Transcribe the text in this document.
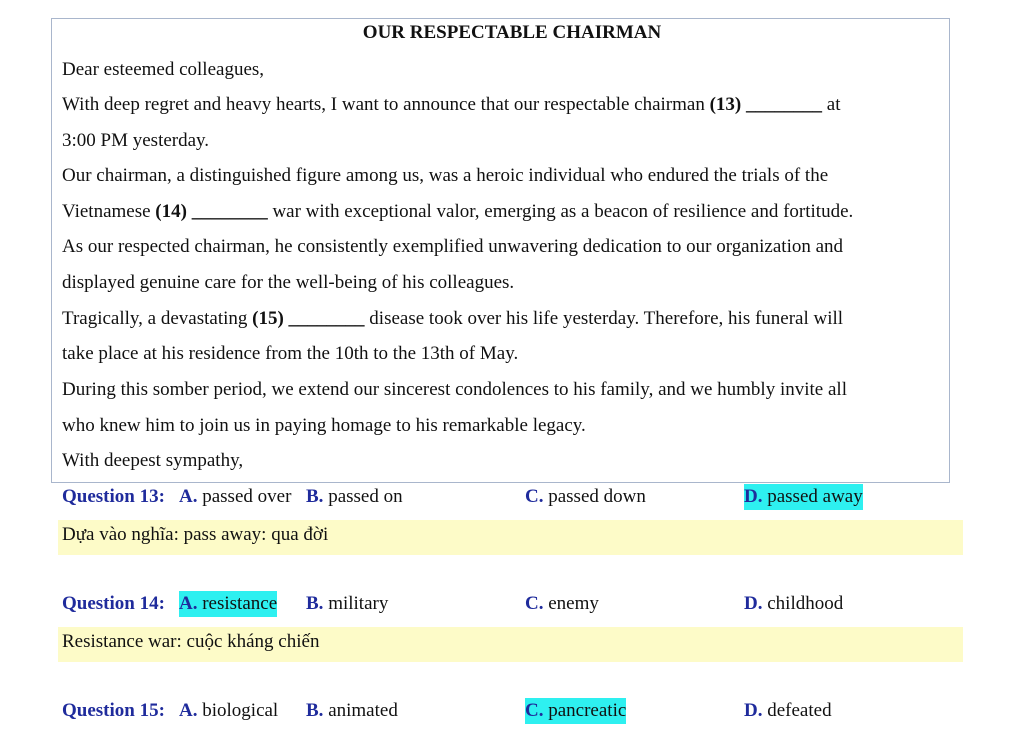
OUR RESPECTABLE CHAIRMAN
Dear esteemed colleagues,
With deep regret and heavy hearts, I want to announce that our respectable chairman (13) ________ at
3:00 PM yesterday.
Our chairman, a distinguished figure among us, was a heroic individual who endured the trials of the
Vietnamese (14) ________ war with exceptional valor, emerging as a beacon of resilience and fortitude.
As our respected chairman, he consistently exemplified unwavering dedication to our organization and
displayed genuine care for the well-being of his colleagues.
Tragically, a devastating (15) ________ disease took over his life yesterday. Therefore, his funeral will
take place at his residence from the 10th to the 13th of May.
During this somber period, we extend our sincerest condolences to his family, and we humbly invite all
who knew him to join us in paying homage to his remarkable legacy.
With deepest sympathy,
Question 13: A. passed over B. passed on	C. passed down	D. passed away
Dựa vào nghĩa: pass away: qua đời
Question 14: A. resistance B. military	C. enemy	D. childhood
Resistance war: cuộc kháng chiến
Question 15: A. biological B. animated	C. pancreatic	D. defeated
